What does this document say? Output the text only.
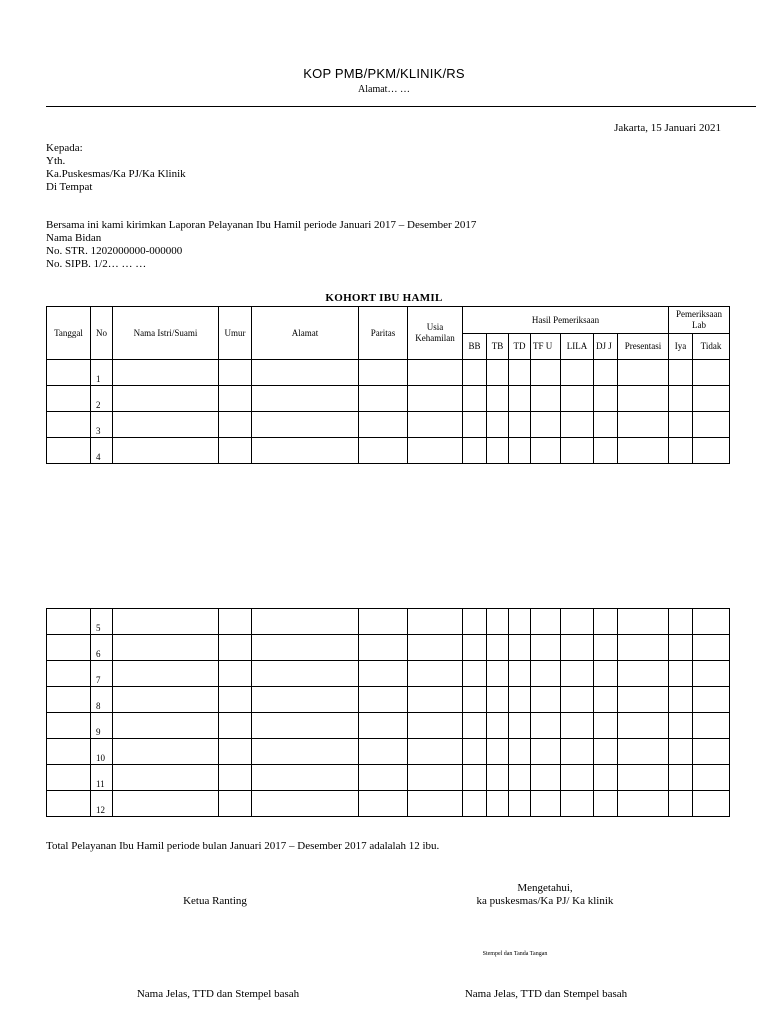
KOP PMB/PKM/KLINIK/RS
Alamat… …
Jakarta, 15 Januari 2021
Kepada:
Yth.
Ka.Puskesmas/Ka PJ/Ka Klinik
Di Tempat
Bersama ini kami kirimkan Laporan Pelayanan Ibu Hamil periode Januari 2017 – Desember 2017
Nama Bidan
No. STR. 1202000000-000000
No. SIPB. 1/2… … …
KOHORT IBU HAMIL
Tanggal	No	Nama Istri/Suami	Umur	Alamat	Paritas	Usia Kehamilan	Hasil Pemeriksaan							Pemeriksaan Lab	
							BB	TB	TD	TF U	LILA	DJ J	Presentasi	Iya	Tidak
	1														
	2														
	3														
	4														
	5														
	6														
	7														
	8														
	9														
	10														
	11														
	12														
Total Pelayanan Ibu Hamil periode bulan Januari 2017 – Desember 2017 adalalah 12 ibu.
Ketua Ranting
Mengetahui,
ka puskesmas/Ka PJ/ Ka klinik
Stempel dan Tanda Tangan
Nama Jelas, TTD dan Stempel basah	Nama Jelas, TTD dan Stempel basah
